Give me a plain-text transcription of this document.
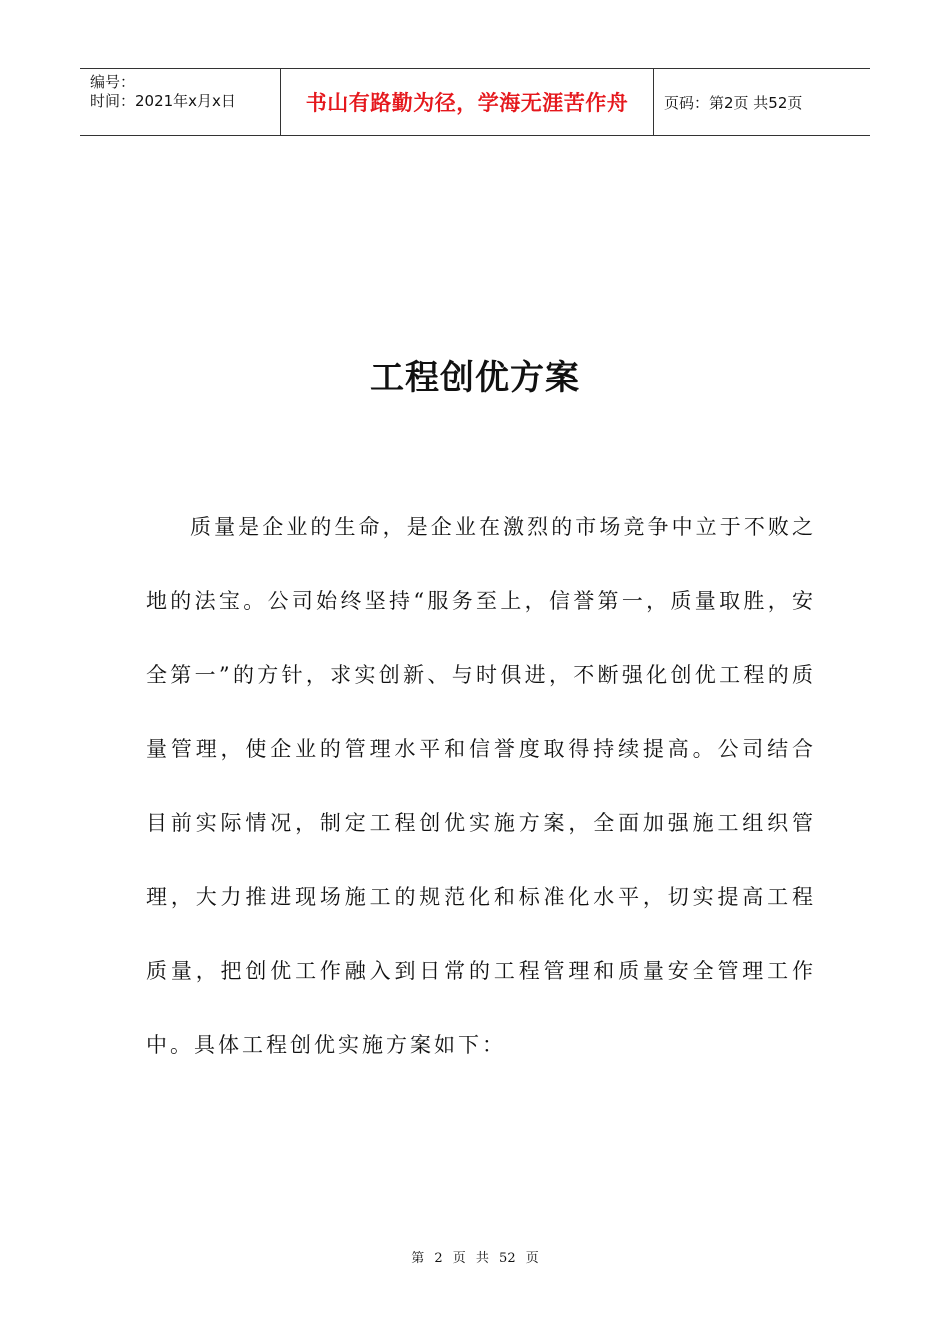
编号：
时间：2021年x月x日	书山有路勤为径，学海无涯苦作舟 页码：第2页 共52页
工程创优方案
质量是企业的生命，是企业在激烈的市场竞争中立于不败之地的法宝。公司始终坚持“服务至上，信誉第一，质量取胜，安全第一”的方针，求实创新、与时俱进，不断强化创优工程的质量管理，使企业的管理水平和信誉度取得持续提高。公司结合目前实际情况，制定工程创优实施方案，全面加强施工组织管理，大力推进现场施工的规范化和标准化水平，切实提高工程质量，把创优工作融入到日常的工程管理和质量安全管理工作中。具体工程创优实施方案如下：
第 2 页 共 52 页
